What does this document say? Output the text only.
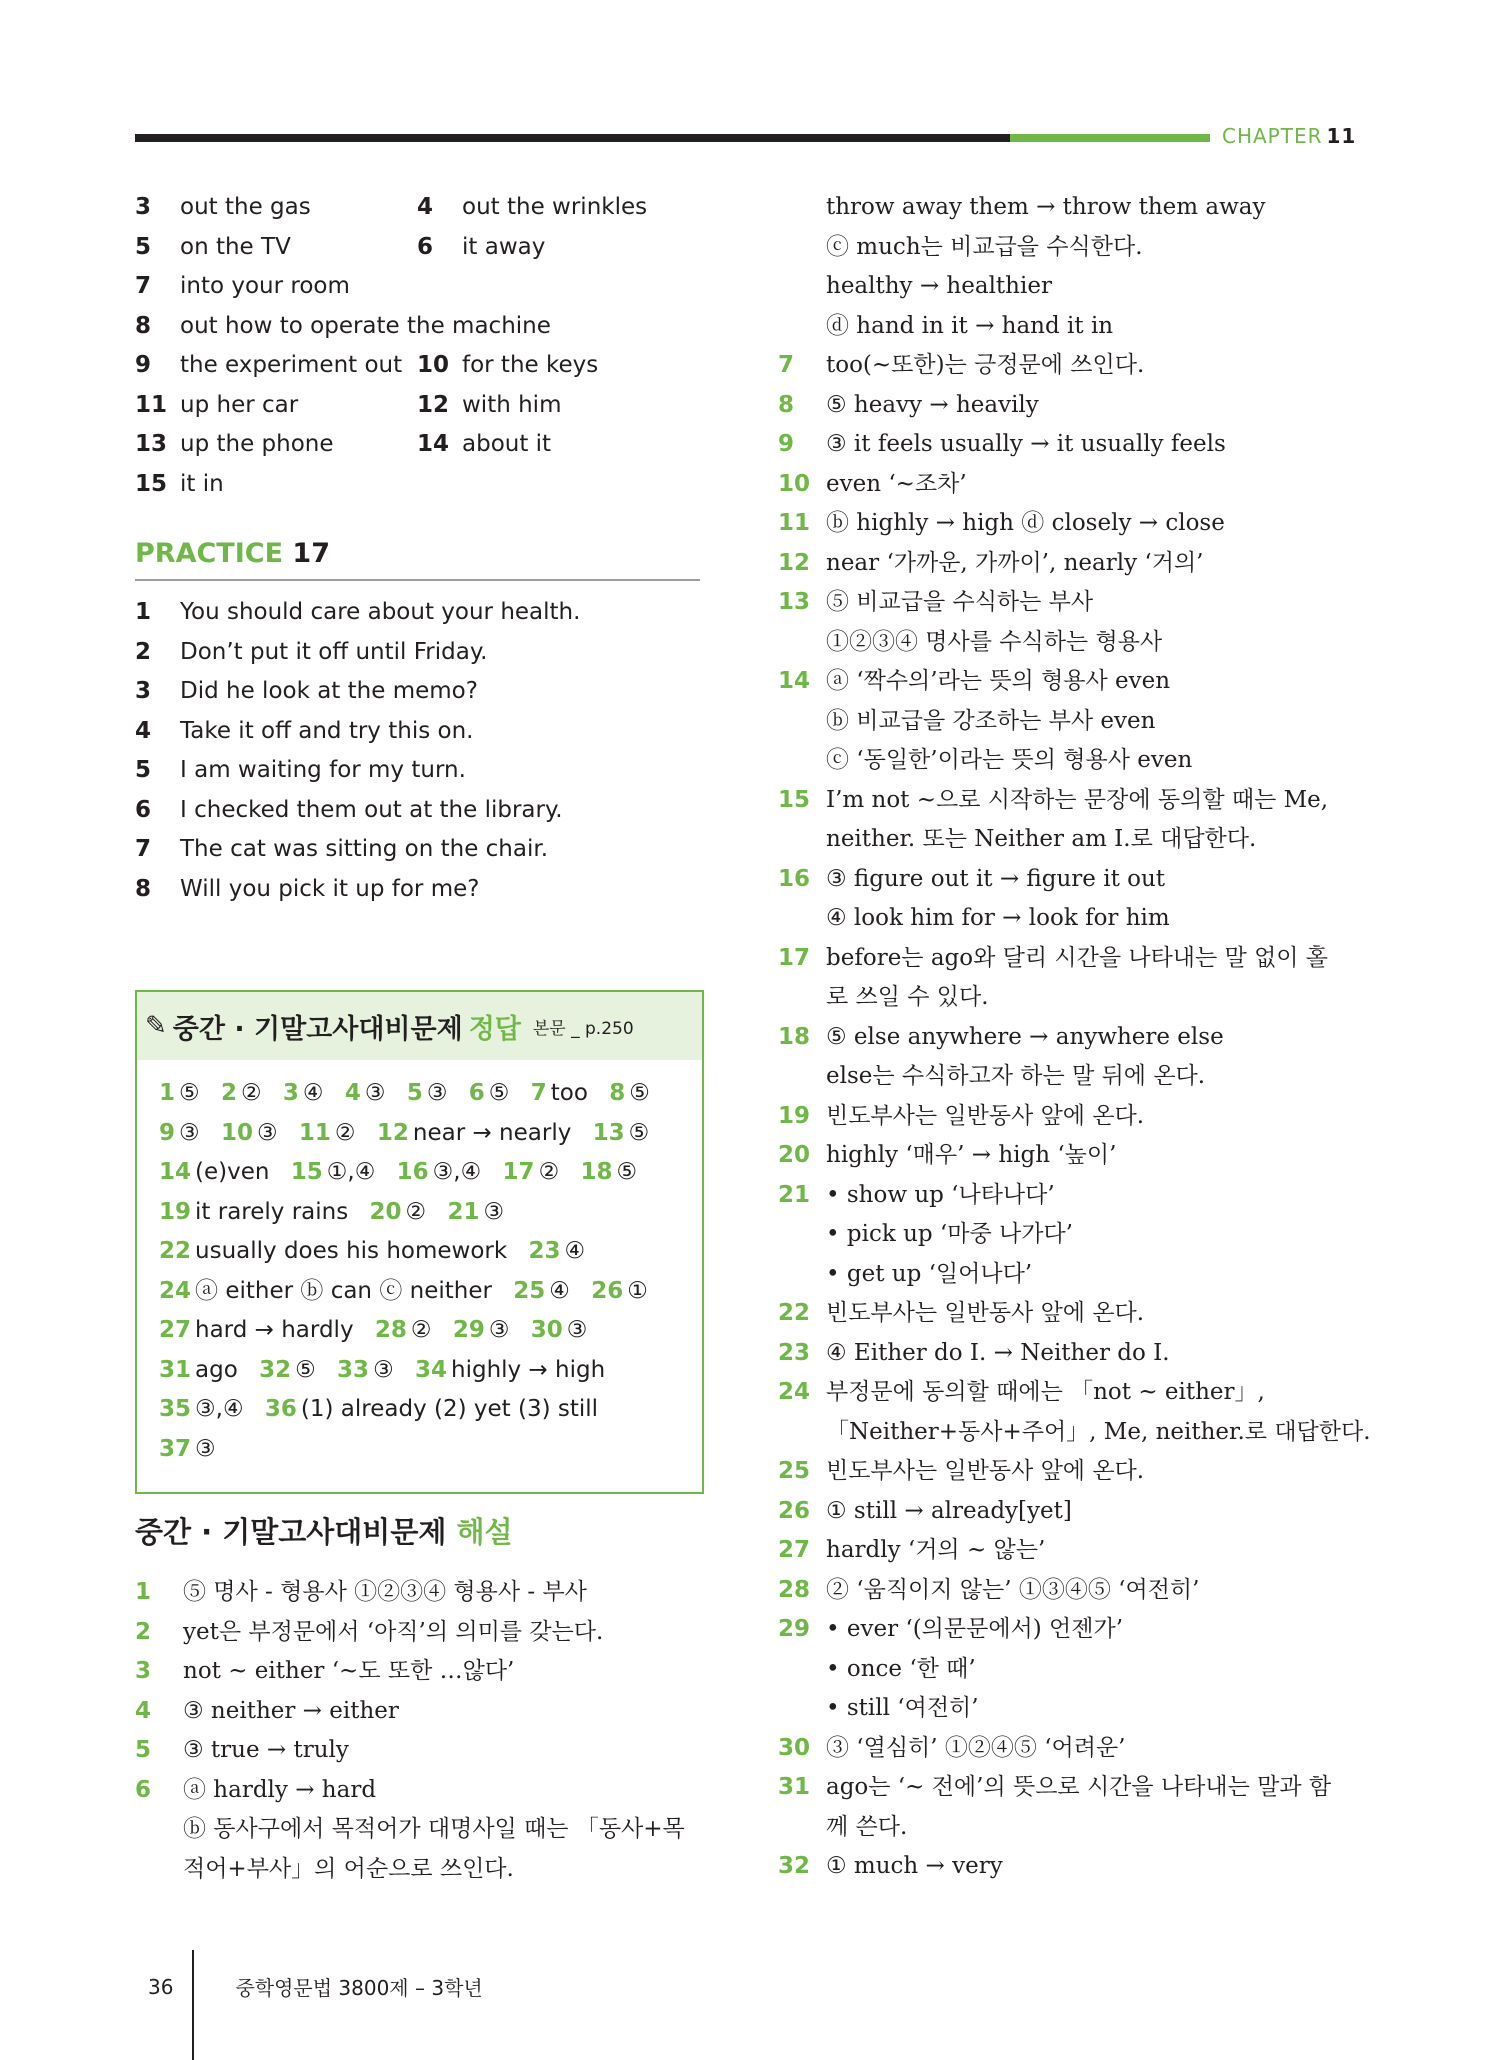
CHAPTER 11
3	out the gas	4	out the wrinkles
5	on the TV	6	it away
7	into your room
8	out how to operate the machine
9	the experiment out 10 for the keys
11 up her car	12 with him
13 up the phone	14 about it
15 it in
PRACTICE 17
1	You should care about your health.
2	Don’t put it off until Friday.
3	Did he look at the memo?
4	Take it off and try this on.
5	I am waiting for my turn.
6	I checked them out at the library.
7	The cat was sitting on the chair.
8	Will you pick it up for me?
✎ 중간 · 기말고사대비문제 정답 본문 _ p.250
1 ⑤ 2 ② 3 ④ 4 ③ 5 ③ 6 ⑤ 7 too 8 ⑤ 9 ③ 10 ③ 11 ② 12 near → nearly 13 ⑤ 14 (e)ven 15 ①,④ 16 ③,④ 17 ② 18 ⑤ 19 it rarely rains 20 ② 21 ③ 22 usually does his homework 23 ④ 24 ⓐ either ⓑ can ⓒ neither 25 ④ 26 ① 27 hard → hardly 28 ② 29 ③ 30 ③ 31 ago 32 ⑤ 33 ③ 34 highly → high 35 ③,④ 36 (1) already (2) yet (3) still 37 ③
중간 · 기말고사대비문제 해설
1	⑤ 명사 - 형용사 ①②③④ 형용사 - 부사
2	yet은 부정문에서 ‘아직’의 의미를 갖는다.
3	not ~ either ‘~도 또한 …않다’
4	③ neither → either
5	③ true → truly
6	ⓐ hardly → hard
ⓑ 동사구에서 목적어가 대명사일 때는 「동사+목
적어+부사」의 어순으로 쓰인다.
throw away them → throw them away
ⓒ much는 비교급을 수식한다.
healthy → healthier
ⓓ hand in it → hand it in
7	too(~또한)는 긍정문에 쓰인다.
8	⑤ heavy → heavily
9	③ it feels usually → it usually feels
10 even ‘~조차’
11 ⓑ highly → high ⓓ closely → close
12 near ‘가까운, 가까이’, nearly ‘거의’
13 ⑤ 비교급을 수식하는 부사
①②③④ 명사를 수식하는 형용사
14 ⓐ ‘짝수의’라는 뜻의 형용사 even
ⓑ 비교급을 강조하는 부사 even
ⓒ ‘동일한’이라는 뜻의 형용사 even
15 I’m not ~으로 시작하는 문장에 동의할 때는 Me,
neither. 또는 Neither am I.로 대답한다.
16 ③ figure out it → figure it out
④ look him for → look for him
17 before는 ago와 달리 시간을 나타내는 말 없이 홀
로 쓰일 수 있다.
18 ⑤ else anywhere → anywhere else
else는 수식하고자 하는 말 뒤에 온다.
19 빈도부사는 일반동사 앞에 온다.
20 highly ‘매우’ → high ‘높이’
21 • show up ‘나타나다’
• pick up ‘마중 나가다’
• get up ‘일어나다’
22 빈도부사는 일반동사 앞에 온다.
23 ④ Either do I. → Neither do I.
24 부정문에 동의할 때에는 「not ~ either」,
「Neither+동사+주어」, Me, neither.로 대답한다.
25 빈도부사는 일반동사 앞에 온다.
26 ① still → already[yet]
27 hardly ‘거의 ~ 않는’
28 ② ‘움직이지 않는’ ①③④⑤ ‘여전히’
29 • ever ‘(의문문에서) 언젠가’
• once ‘한 때’
• still ‘여전히’
30 ③ ‘열심히’ ①②④⑤ ‘어려운’
31 ago는 ‘~ 전에’의 뜻으로 시간을 나타내는 말과 함
께 쓴다.
32 ① much → very
36	중학영문법 3800제 – 3학년
